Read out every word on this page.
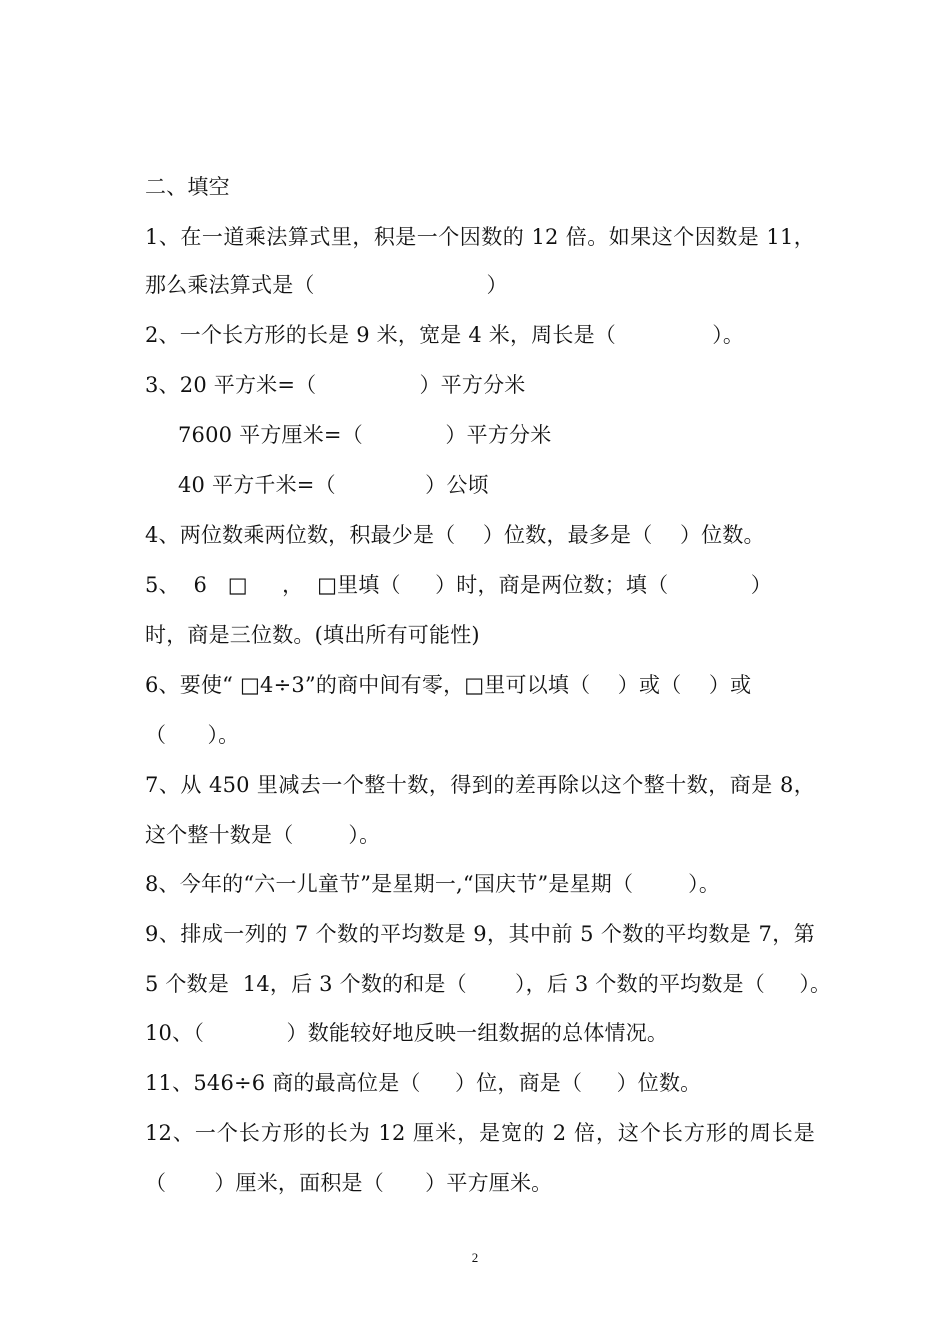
二、填空
1、在一道乘法算式里，积是一个因数的 12 倍。如果这个因数是 11，
那么乘法算式是（                         ）
2、一个长方形的长是 9 米，宽是 4 米，周长是（              ）。
3、20 平方米=（               ）平方分米
7600 平方厘米=（            ）平方分米
40 平方千米=（             ）公顷
4、两位数乘两位数，积最少是（    ）位数，最多是（    ）位数。
5、  6   □     ，  □里填（     ）时，商是两位数；填（            ）
时，商是三位数。(填出所有可能性)
6、要使“ □4÷3”的商中间有零，□里可以填（    ）或（    ）或
（      ）。
7、从 450 里减去一个整十数，得到的差再除以这个整十数，商是 8，
这个整十数是（        ）。
8、今年的“六一儿童节”是星期一,“国庆节”是星期（        ）。
9、排成一列的 7 个数的平均数是 9，其中前 5 个数的平均数是 7，第
5 个数是  14，后 3 个数的和是（       ），后 3 个数的平均数是（     ）。
10、（            ）数能较好地反映一组数据的总体情况。
11、546÷6 商的最高位是（     ）位，商是（     ）位数。
12、一个长方形的长为 12 厘米，是宽的 2 倍，这个长方形的周长是
（       ）厘米，面积是（      ）平方厘米。
2
